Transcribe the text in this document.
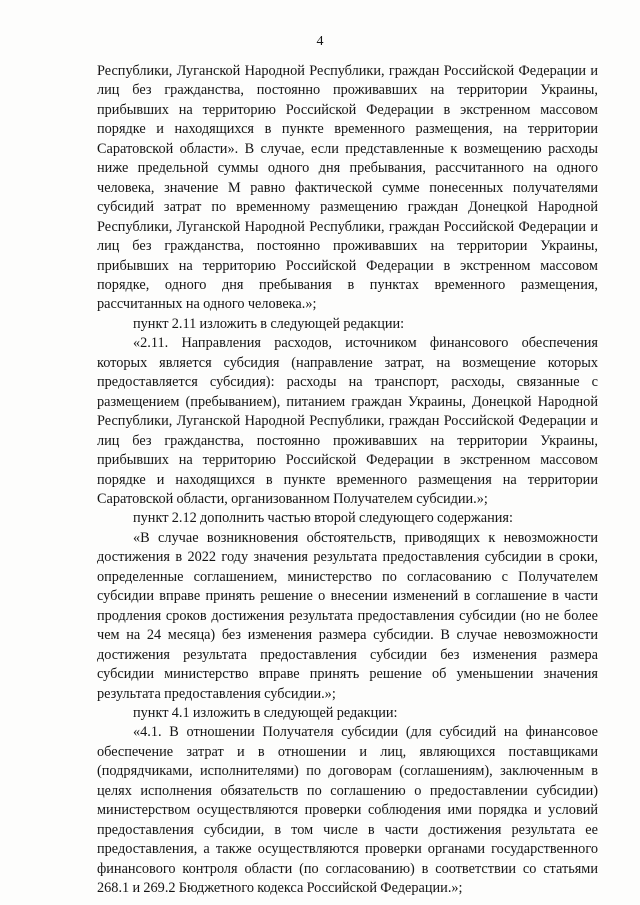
4

Республики, Луганской Народной Республики, граждан Российской Федерации и лиц без гражданства, постоянно проживавших на территории Украины, прибывших на территорию Российской Федерации в экстренном массовом порядке и находящихся в пункте временного размещения, на территории Саратовской области». В случае, если представленные к возмещению расходы ниже предельной суммы одного дня пребывания, рассчитанного на одного человека, значение М равно фактической сумме понесенных получателями субсидий затрат по временному размещению граждан Донецкой Народной Республики, Луганской Народной Республики, граждан Российской Федерации и лиц без гражданства, постоянно проживавших на территории Украины, прибывших на территорию Российской Федерации в экстренном массовом порядке, одного дня пребывания в пунктах временного размещения, рассчитанных на одного человека.»;

пункт 2.11 изложить в следующей редакции:

«2.11. Направления расходов, источником финансового обеспечения которых является субсидия (направление затрат, на возмещение которых предоставляется субсидия): расходы на транспорт, расходы, связанные с размещением (пребыванием), питанием граждан Украины, Донецкой Народной Республики, Луганской Народной Республики, граждан Российской Федерации и лиц без гражданства, постоянно проживавших на территории Украины, прибывших на территорию Российской Федерации в экстренном массовом порядке и находящихся в пункте временного размещения на территории Саратовской области, организованном Получателем субсидии.»;

пункт 2.12 дополнить частью второй следующего содержания:

«В случае возникновения обстоятельств, приводящих к невозможности достижения в 2022 году значения результата предоставления субсидии в сроки, определенные соглашением, министерство по согласованию с Получателем субсидии вправе принять решение о внесении изменений в соглашение в части продления сроков достижения результата предоставления субсидии (но не более чем на 24 месяца) без изменения размера субсидии. В случае невозможности достижения результата предоставления субсидии без изменения размера субсидии министерство вправе принять решение об уменьшении значения результата предоставления субсидии.»;

пункт 4.1 изложить в следующей редакции:

«4.1. В отношении Получателя субсидии (для субсидий на финансовое обеспечение затрат и в отношении и лиц, являющихся поставщиками (подрядчиками, исполнителями) по договорам (соглашениям), заключенным в целях исполнения обязательств по соглашению о предоставлении субсидии) министерством осуществляются проверки соблюдения ими порядка и условий предоставления субсидии, в том числе в части достижения результата ее предоставления, а также осуществляются проверки органами государственного финансового контроля области (по согласованию) в соответствии со статьями 268.1 и 269.2 Бюджетного кодекса Российской Федерации.»;
